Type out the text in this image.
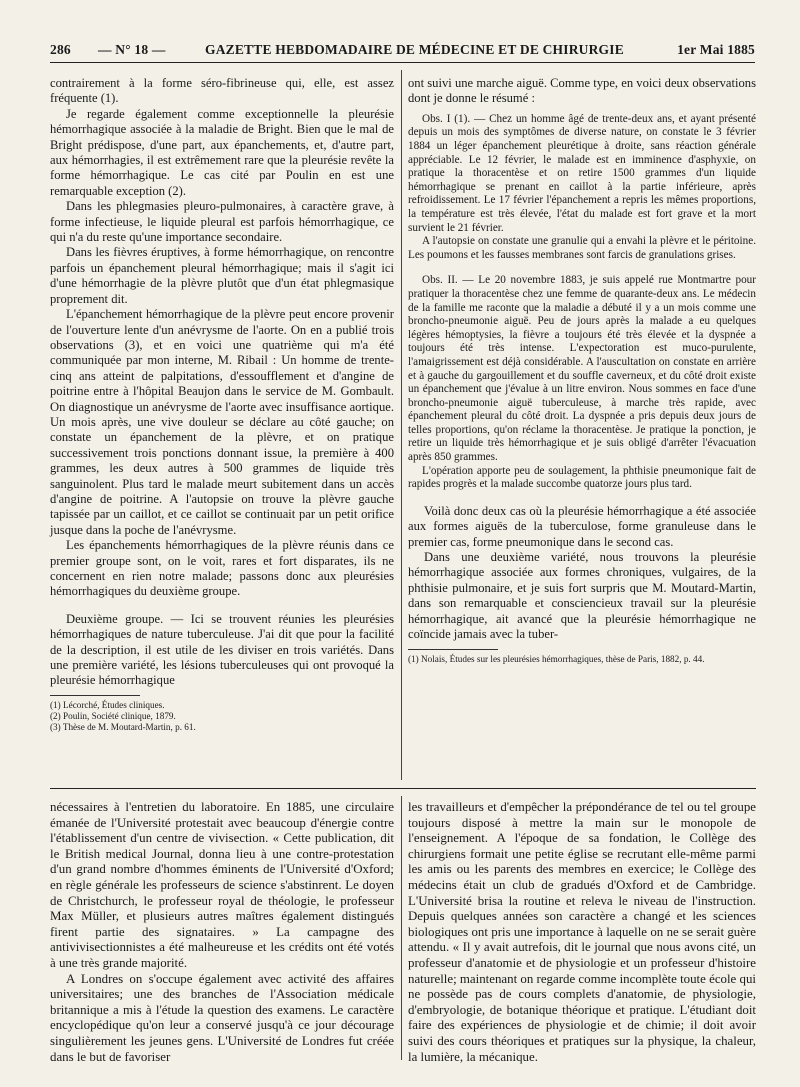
286 — N° 18 —	GAZETTE HEBDOMADAIRE DE MÉDECINE ET DE CHIRURGIE	1er Mai 1885

contrairement à la forme séro-fibrineuse qui, elle, est assez fréquente (1).

Je regarde également comme exceptionnelle la pleurésie hémorrhagique associée à la maladie de Bright. Bien que le mal de Bright prédispose, d'une part, aux épanchements, et, d'autre part, aux hémorrhagies, il est extrêmement rare que la pleurésie revête la forme hémorrhagique. Le cas cité par Poulin en est une remarquable exception (2).

Dans les phlegmasies pleuro-pulmonaires, à caractère grave, à forme infectieuse, le liquide pleural est parfois hémorrhagique, ce qui n'a du reste qu'une importance secondaire.

Dans les fièvres éruptives, à forme hémorrhagique, on rencontre parfois un épanchement pleural hémorrhagique; mais il s'agit ici d'une hémorrhagie de la plèvre plutôt que d'un état phlegmasique proprement dit.

L'épanchement hémorrhagique de la plèvre peut encore provenir de l'ouverture lente d'un anévrysme de l'aorte. On en a publié trois observations (3), et en voici une quatrième qui m'a été communiquée par mon interne, M. Ribail : Un homme de trente-cinq ans atteint de palpitations, d'essoufflement et d'angine de poitrine entre à l'hôpital Beaujon dans le service de M. Gombault. On diagnostique un anévrysme de l'aorte avec insuffisance aortique. Un mois après, une vive douleur se déclare au côté gauche; on constate un épanchement de la plèvre, et on pratique successivement trois ponctions donnant issue, la première à 400 grammes, les deux autres à 500 grammes de liquide très sanguinolent. Plus tard le malade meurt subitement dans un accès d'angine de poitrine. A l'autopsie on trouve la plèvre gauche tapissée par un caillot, et ce caillot se continuait par un petit orifice jusque dans la poche de l'anévrysme.

Les épanchements hémorrhagiques de la plèvre réunis dans ce premier groupe sont, on le voit, rares et fort disparates, ils ne concernent en rien notre malade; passons donc aux pleurésies hémorrhagiques du deuxième groupe.

Deuxième groupe. — Ici se trouvent réunies les pleurésies hémorrhagiques de nature tuberculeuse. J'ai dit que pour la facilité de la description, il est utile de les diviser en trois variétés. Dans une première variété, les lésions tuberculeuses qui ont provoqué la pleurésie hémorrhagique

(1) Lécorché, Études cliniques.

(2) Poulin, Société clinique, 1879.

(3) Thèse de M. Moutard-Martin, p. 61.

ont suivi une marche aiguë. Comme type, en voici deux observations dont je donne le résumé :

Obs. I (1). — Chez un homme âgé de trente-deux ans, et ayant présenté depuis un mois des symptômes de diverse nature, on constate le 3 février 1884 un léger épanchement pleurétique à droite, sans réaction générale appréciable. Le 12 février, le malade est en imminence d'asphyxie, on pratique la thoracentèse et on retire 1500 grammes d'un liquide hémorrhagique se prenant en caillot à la partie inférieure, après refroidissement. Le 17 février l'épanchement a repris les mêmes proportions, la température est très élevée, l'état du malade est fort grave et la mort survient le 21 février.

A l'autopsie on constate une granulie qui a envahi la plèvre et le péritoine. Les poumons et les fausses membranes sont farcis de granulations grises.

Obs. II. — Le 20 novembre 1883, je suis appelé rue Montmartre pour pratiquer la thoracentèse chez une femme de quarante-deux ans. Le médecin de la famille me raconte que la maladie a débuté il y a un mois comme une broncho-pneumonie aiguë. Peu de jours après la malade a eu quelques légères hémoptysies, la fièvre a toujours été très élevée et la dyspnée a toujours été très intense. L'expectoration est muco-purulente, l'amaigrissement est déjà considérable. A l'auscultation on constate en arrière et à gauche du gargouillement et du souffle caverneux, et du côté droit existe un épanchement que j'évalue à un litre environ. Nous sommes en face d'une broncho-pneumonie aiguë tuberculeuse, à marche très rapide, avec épanchement pleural du côté droit. La dyspnée a pris depuis deux jours de telles proportions, qu'on réclame la thoracentèse. Je pratique la ponction, je retire un liquide très hémorrhagique et je suis obligé d'arrêter l'évacuation après 850 grammes.

L'opération apporte peu de soulagement, la phthisie pneumonique fait de rapides progrès et la malade succombe quatorze jours plus tard.

Voilà donc deux cas où la pleurésie hémorrhagique a été associée aux formes aiguës de la tuberculose, forme granuleuse dans le premier cas, forme pneumonique dans le second cas.

Dans une deuxième variété, nous trouvons la pleurésie hémorrhagique associée aux formes chroniques, vulgaires, de la phthisie pulmonaire, et je suis fort surpris que M. Moutard-Martin, dans son remarquable et consciencieux travail sur la pleurésie hémorrhagique, ait avancé que la pleurésie hémorrhagique ne coïncide jamais avec la tuber-

(1) Nolais, Études sur les pleurésies hémorrhagiques, thèse de Paris, 1882, p. 44.

nécessaires à l'entretien du laboratoire. En 1885, une circulaire émanée de l'Université protestait avec beaucoup d'énergie contre l'établissement d'un centre de vivisection. « Cette publication, dit le British medical Journal, donna lieu à une contre-protestation d'un grand nombre d'hommes éminents de l'Université d'Oxford; en règle générale les professeurs de science s'abstinrent. Le doyen de Christchurch, le professeur royal de théologie, le professeur Max Müller, et plusieurs autres maîtres également distingués firent partie des signataires. » La campagne des antivivisectionnistes a été malheureuse et les crédits ont été votés à une très grande majorité.

A Londres on s'occupe également avec activité des affaires universitaires; une des branches de l'Association médicale britannique a mis à l'étude la question des examens. Le caractère encyclopédique qu'on leur a conservé jusqu'à ce jour décourage singulièrement les jeunes gens. L'Université de Londres fut créée dans le but de favoriser

les travailleurs et d'empêcher la prépondérance de tel ou tel groupe toujours disposé à mettre la main sur le monopole de l'enseignement. A l'époque de sa fondation, le Collège des chirurgiens formait une petite église se recrutant elle-même parmi les amis ou les parents des membres en exercice; le Collège des médecins était un club de gradués d'Oxford et de Cambridge. L'Université brisa la routine et releva le niveau de l'instruction. Depuis quelques années son caractère a changé et les sciences biologiques ont pris une importance à laquelle on ne se serait guère attendu. « Il y avait autrefois, dit le journal que nous avons cité, un professeur d'anatomie et de physiologie et un professeur d'histoire naturelle; maintenant on regarde comme incomplète toute école qui ne possède pas de cours complets d'anatomie, de physiologie, d'embryologie, de botanique théorique et pratique. L'étudiant doit faire des expériences de physiologie et de chimie; il doit avoir suivi des cours théoriques et pratiques sur la physique, la chaleur, la lumière, la mécanique.
